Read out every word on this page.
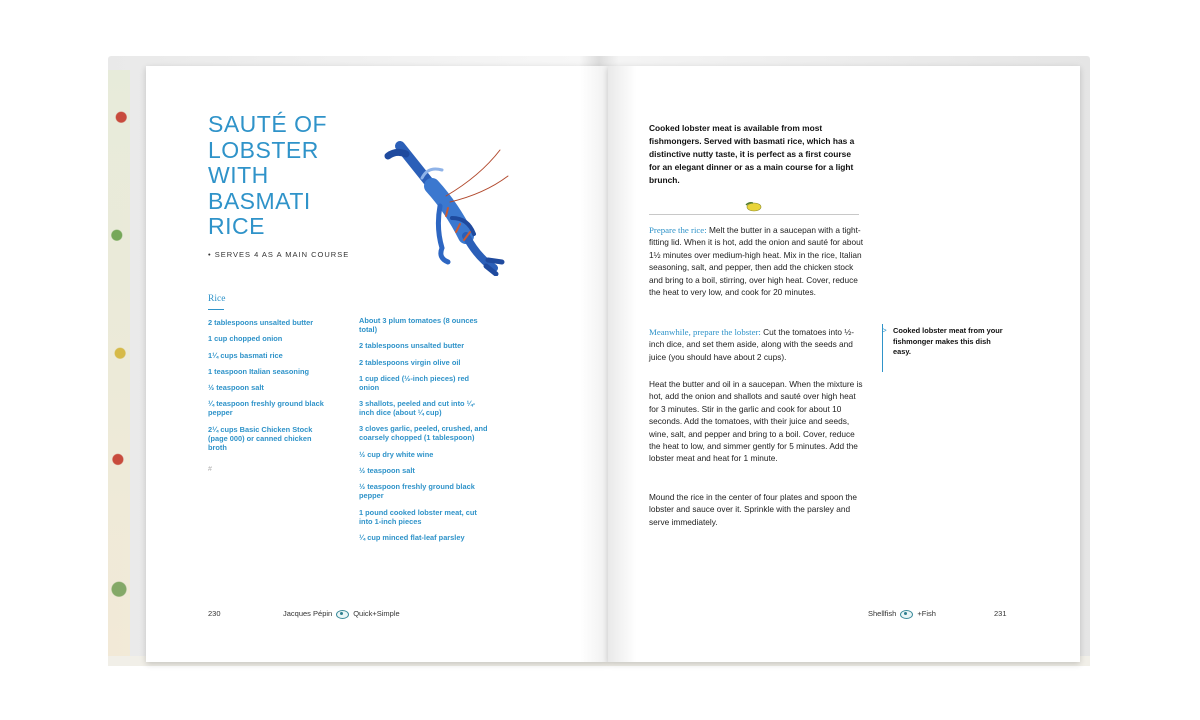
SAUTÉ OF
LOBSTER
WITH
BASMATI
RICE
• SERVES 4 AS A MAIN COURSE
Rice
2 tablespoons unsalted butter
1 cup chopped onion
1¼ cups basmati rice
1 teaspoon Italian seasoning
½ teaspoon salt
¼ teaspoon freshly ground black pepper
2¼ cups Basic Chicken Stock (page 000) or canned chicken broth
#
About 3 plum tomatoes (8 ounces total)
2 tablespoons unsalted butter
2 tablespoons virgin olive oil
1 cup diced (½-inch pieces) red onion
3 shallots, peeled and cut into ¼-inch dice (about ¼ cup)
3 cloves garlic, peeled, crushed, and coarsely chopped (1 tablespoon)
½ cup dry white wine
½ teaspoon salt
½ teaspoon freshly ground black pepper
1 pound cooked lobster meat, cut into 1-inch pieces
¼ cup minced flat-leaf parsley
230	Jacques Pépin	Quick+Simple

Cooked lobster meat is available from most fishmongers. Served with basmati rice, which has a distinctive nutty taste, it is perfect as a first course for an elegant dinner or as a main course for a light brunch.

Prepare the rice: Melt the butter in a saucepan with a tight-fitting lid. When it is hot, add the onion and sauté for about 1½ minutes over medium-high heat. Mix in the rice, Italian seasoning, salt, and pepper, then add the chicken stock and bring to a boil, stirring, over high heat. Cover, reduce the heat to very low, and cook for 20 minutes.

Meanwhile, prepare the lobster: Cut the tomatoes into ½-inch dice, and set them aside, along with the seeds and juice (you should have about 2 cups).

Heat the butter and oil in a saucepan. When the mixture is hot, add the onion and shallots and sauté over high heat for 3 minutes. Stir in the garlic and cook for about 10 seconds. Add the tomatoes, with their juice and seeds, wine, salt, and pepper and bring to a boil. Cover, reduce the heat to low, and simmer gently for 5 minutes. Add the lobster meat and heat for 1 minute.

Mound the rice in the center of four plates and spoon the lobster and sauce over it. Sprinkle with the parsley and serve immediately.

> Cooked lobster meat from your fishmonger makes this dish easy.

Shellfish	+Fish	231
